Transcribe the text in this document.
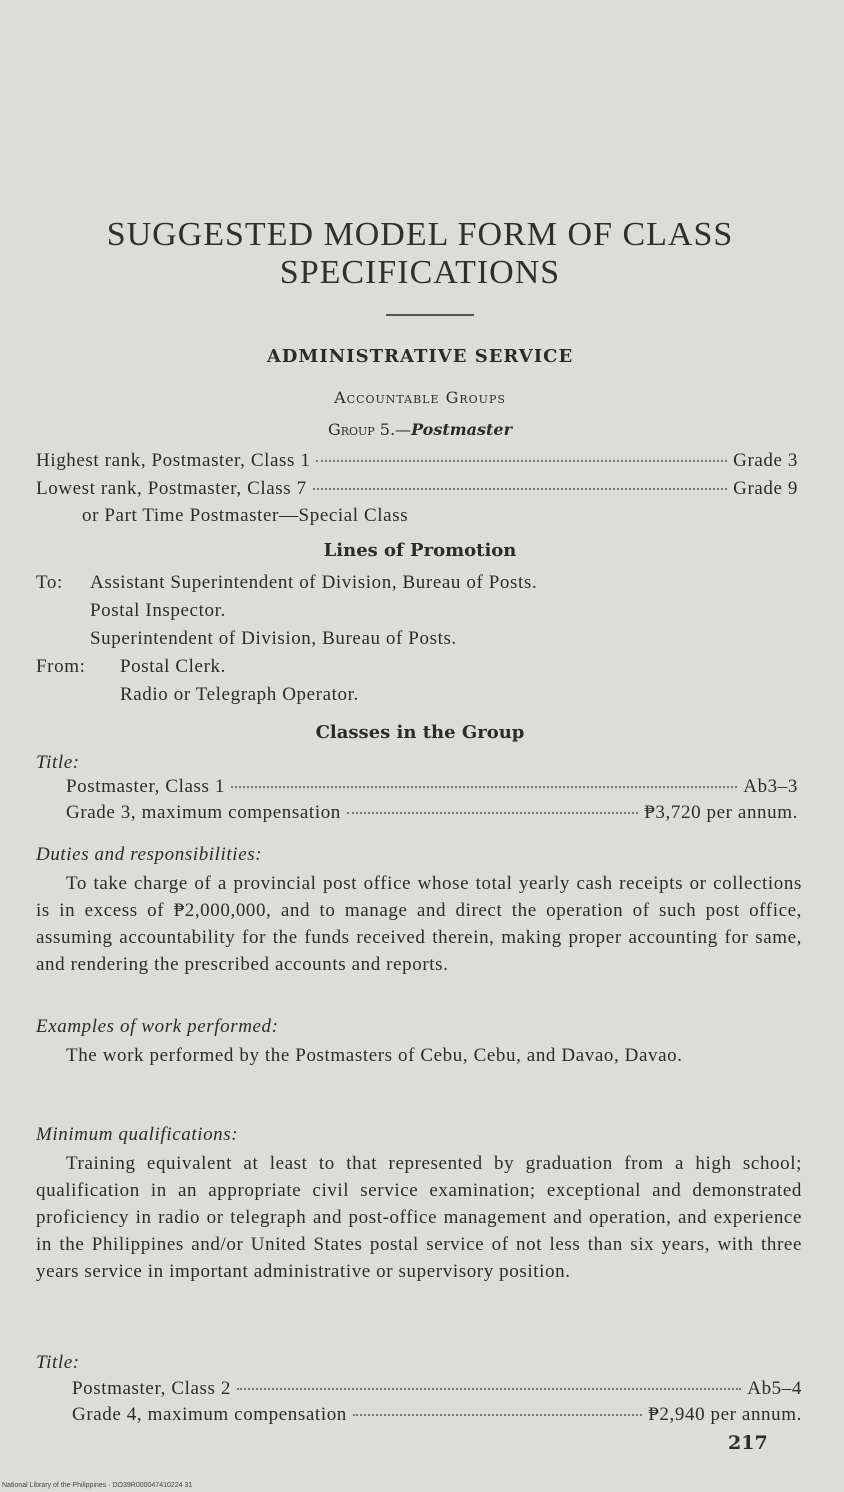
SUGGESTED MODEL FORM OF CLASS
SPECIFICATIONS
ADMINISTRATIVE SERVICE
Accountable Groups
Group 5.—Postmaster
Highest rank, Postmaster, Class 1	Grade 3
Lowest rank, Postmaster, Class 7	Grade 9
or Part Time Postmaster—Special Class
Lines of Promotion
To: Assistant Superintendent of Division, Bureau of Posts.
Postal Inspector.
Superintendent of Division, Bureau of Posts.
From: Postal Clerk.
Radio or Telegraph Operator.
Classes in the Group
Title:
Postmaster, Class 1	Ab3–3
Grade 3, maximum compensation	₱3,720 per annum.
Duties and responsibilities:
To take charge of a provincial post office whose total yearly cash receipts or collections is in excess of ₱2,000,000, and to manage and direct the operation of such post office, assuming accountability for the funds received therein, making proper accounting for same, and rendering the prescribed accounts and reports.
Examples of work performed:
The work performed by the Postmasters of Cebu, Cebu, and Davao, Davao.
Minimum qualifications:
Training equivalent at least to that represented by graduation from a high school; qualification in an appropriate civil service examination; exceptional and demonstrated proficiency in radio or telegraph and post-office management and operation, and experience in the Philippines and/or United States postal service of not less than six years, with three years service in important administrative or supervisory position.
Title:
Postmaster, Class 2	Ab5–4
Grade 4, maximum compensation	₱2,940 per annum.
217
National Library of the Philippines · DO39R000047410224 31
